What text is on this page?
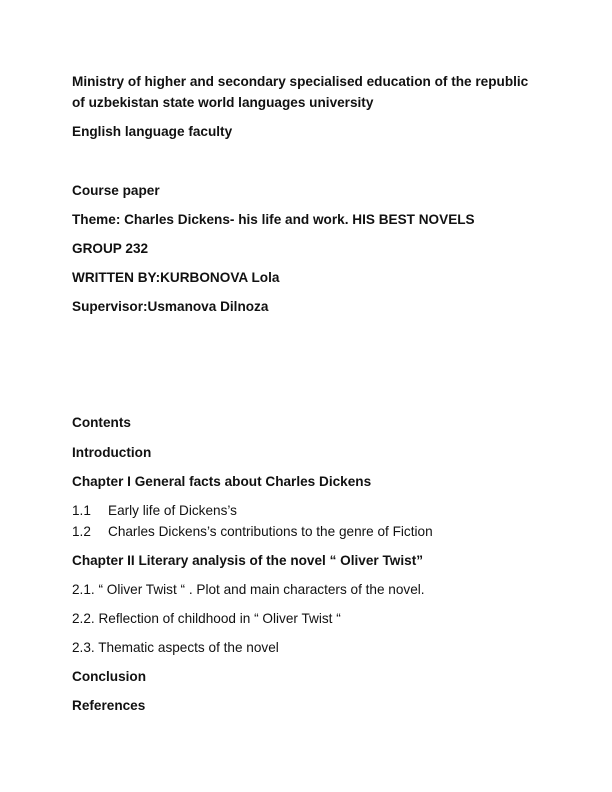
Ministry of higher and secondary specialised education of the republic
of uzbekistan state world languages university
English language faculty
Course paper
Theme: Charles Dickens- his life and work. HIS BEST NOVELS
GROUP 232
WRITTEN BY:KURBONOVA Lola
Supervisor:Usmanova Dilnoza
Contents
Introduction
Chapter I General facts about Charles Dickens
1.1 Early life of Dickens’s
1.2 Charles Dickens’s contributions to the genre of Fiction
Chapter II Literary analysis of the novel “ Oliver Twist”
2.1. “ Oliver Twist “ . Plot and main characters of the novel.
2.2. Reflection of childhood in “ Oliver Twist “
2.3. Thematic aspects of the novel
Conclusion
References
